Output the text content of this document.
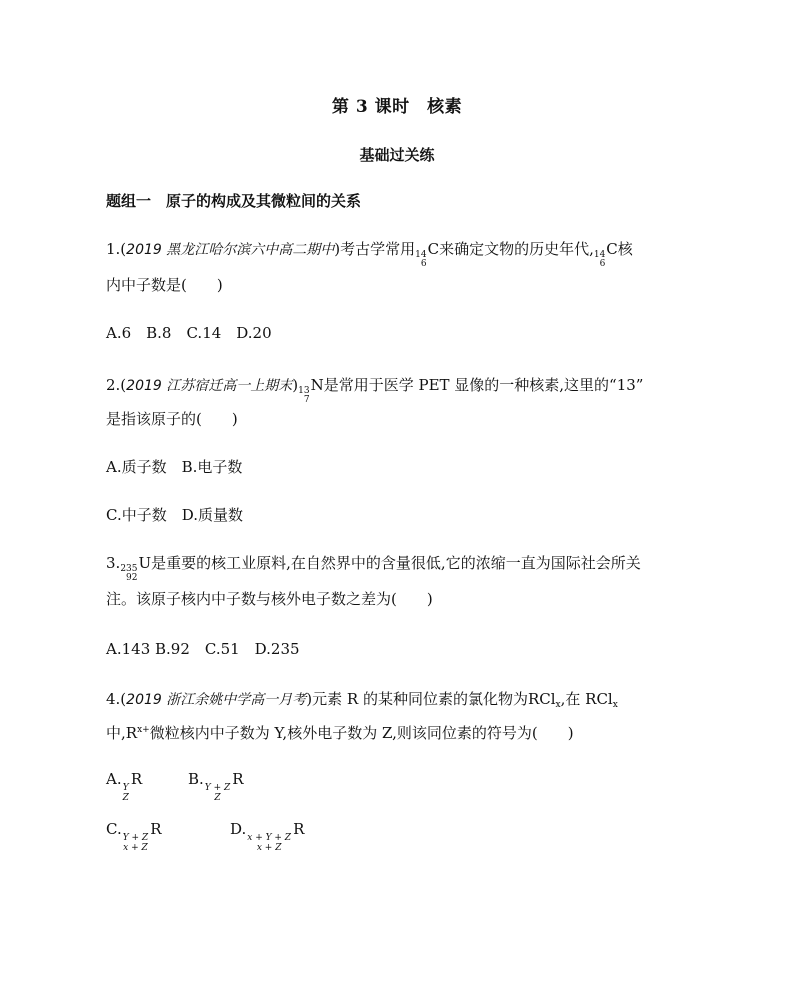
第 3 课时　核素
基础过关练
题组一　原子的构成及其微粒间的关系
1.(2019 黑龙江哈尔滨六中高二期中)考古学常用 14
6
C来确定文物的历史年代, 14
6
C核
内中子数是(　　)
A.6　B.8　C.14　D.20
2.(2019 江苏宿迁高一上期末) 13
7
N是常用于医学 PET 显像的一种核素,这里的“13”
是指该原子的(　　)
A.质子数　B.电子数
C.中子数　D.质量数
3. 235
92
U是重要的核工业原料,在自然界中的含量很低,它的浓缩一直为国际社会所关
注。该原子核内中子数与核外电子数之差为(　　)
A.143 B.92　C.51　D.235
4.(2019 浙江余姚中学高一月考)元素 R 的某种同位素的氯化物为RCl$_x$,在 RCl$_x$
中$,R^{x+}$微粒核内中子数为 Y,核外电子数为 Z,则该同位素的符号为(　　)
A. Y
Z
R	B. Y + Z
Z
R
C. Y + Z
x + Z
R	D. x + Y + Z
x + Z
R
